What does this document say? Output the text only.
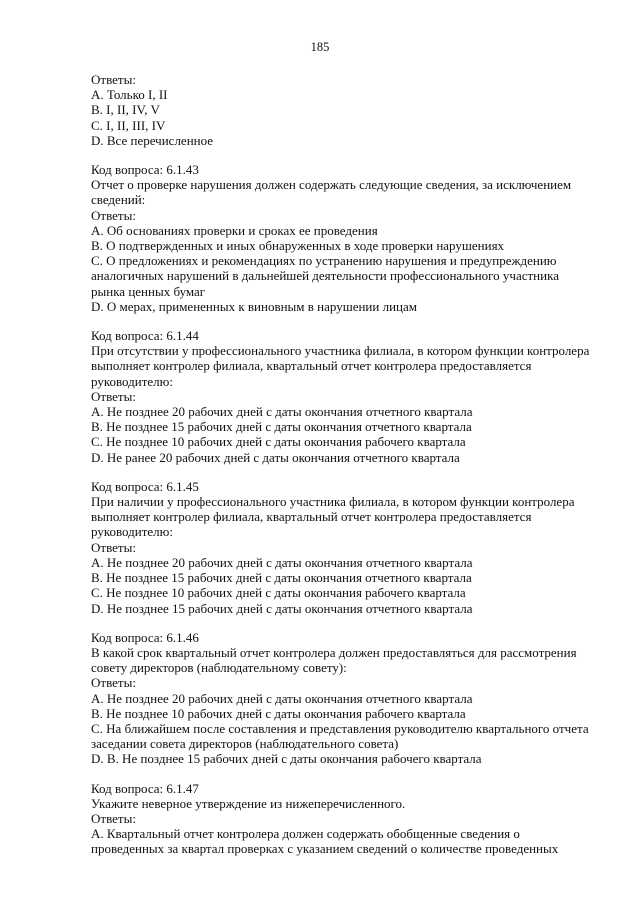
185
Ответы:
A. Только I, II
B. I, II, IV, V
C. I, II, III, IV
D. Все перечисленное
Код вопроса: 6.1.43
Отчет о проверке нарушения должен содержать следующие сведения, за исключением сведений:
Ответы:
A. Об основаниях проверки и сроках ее проведения
B. О подтвержденных и иных обнаруженных в ходе проверки нарушениях
C. О предложениях и рекомендациях по устранению нарушения и предупреждению аналогичных нарушений в дальнейшей деятельности профессионального участника рынка ценных бумаг
D. О мерах, примененных к виновным в нарушении лицам
Код вопроса: 6.1.44
При отсутствии у профессионального участника филиала, в котором функции контролера выполняет контролер филиала, квартальный отчет контролера предоставляется руководителю:
Ответы:
A. Не позднее 20 рабочих дней с даты окончания отчетного квартала
B. Не позднее 15 рабочих дней с даты окончания отчетного квартала
C. Не позднее 10 рабочих дней с даты окончания рабочего квартала
D. Не ранее 20 рабочих дней с даты окончания отчетного квартала
Код вопроса: 6.1.45
При наличии у профессионального участника филиала, в котором функции контролера выполняет контролер филиала, квартальный отчет контролера предоставляется руководителю:
Ответы:
A. Не позднее 20 рабочих дней с даты окончания отчетного квартала
B. Не позднее 15 рабочих дней с даты окончания отчетного квартала
C. Не позднее 10 рабочих дней с даты окончания рабочего квартала
D. Не позднее 15 рабочих дней с даты окончания отчетного квартала
Код вопроса: 6.1.46
В какой срок квартальный отчет контролера должен предоставляться для рассмотрения совету директоров (наблюдательному совету):
Ответы:
A. Не позднее 20 рабочих дней с даты окончания отчетного квартала
B. Не позднее 10 рабочих дней с даты окончания рабочего квартала
C. На ближайшем после составления и представления руководителю квартального отчета заседании совета директоров (наблюдательного совета)
D. B. Не позднее 15 рабочих дней с даты окончания рабочего квартала
Код вопроса: 6.1.47
Укажите неверное утверждение из нижеперечисленного.
Ответы:
A. Квартальный отчет контролера должен содержать обобщенные сведения о проведенных за квартал проверках с указанием сведений о количестве проведенных
